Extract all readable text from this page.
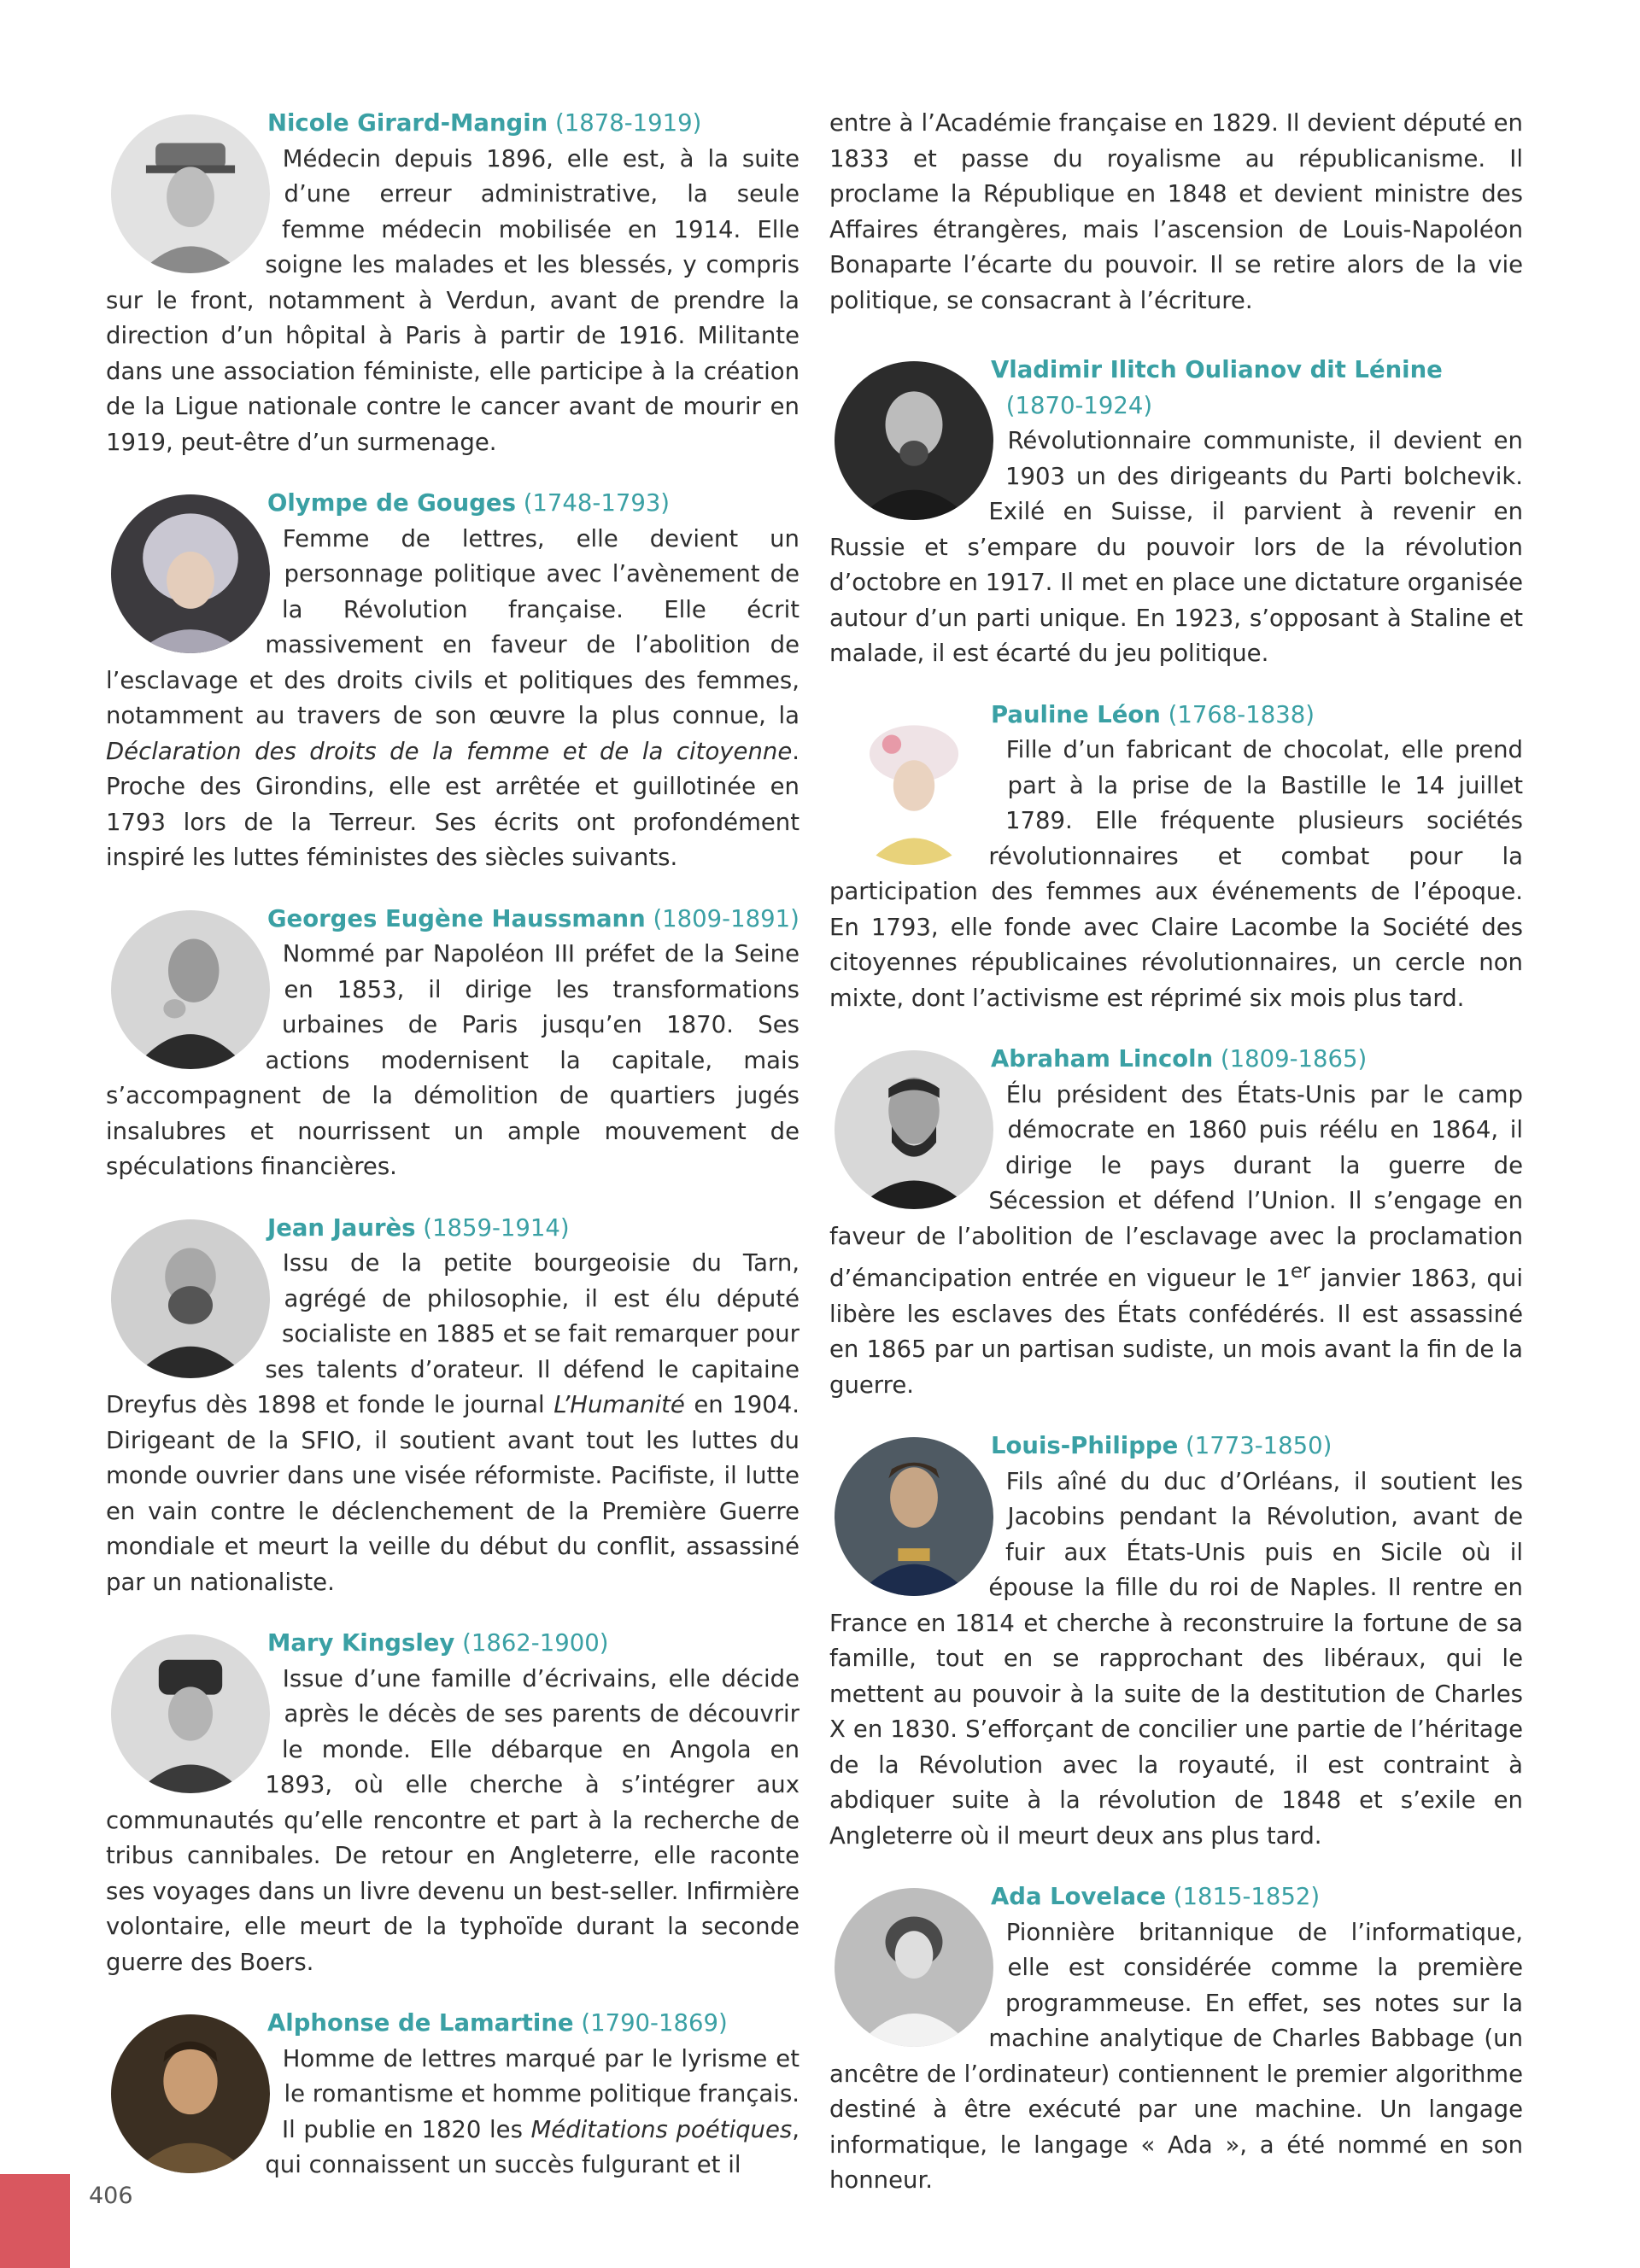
Nicole Girard-Mangin (1878-1919)
Médecin depuis 1896, elle est, à la suite d’une erreur administrative, la seule femme médecin mobilisée en 1914. Elle soigne les malades et les blessés, y compris sur le front, notamment à Verdun, avant de prendre la direction d’un hôpital à Paris à partir de 1916. Militante dans une association féministe, elle participe à la création de la Ligue nationale contre le cancer avant de mourir en 1919, peut-être d’un surmenage.
Olympe de Gouges (1748-1793)
Femme de lettres, elle devient un personnage politique avec l’avènement de la Révolution française. Elle écrit massivement en faveur de l’abolition de l’esclavage et des droits civils et politiques des femmes, notamment au travers de son œuvre la plus connue, la Déclaration des droits de la femme et de la citoyenne. Proche des Girondins, elle est arrêtée et guillotinée en 1793 lors de la Terreur. Ses écrits ont profondément inspiré les luttes féministes des siècles suivants.
Georges Eugène Haussmann (1809-1891)
Nommé par Napoléon III préfet de la Seine en 1853, il dirige les transformations urbaines de Paris jusqu’en 1870. Ses actions modernisent la capitale, mais s’accompagnent de la démolition de quartiers jugés insalubres et nourrissent un ample mouvement de spéculations financières.
Jean Jaurès (1859-1914)
Issu de la petite bourgeoisie du Tarn, agrégé de philosophie, il est élu député socialiste en 1885 et se fait remarquer pour ses talents d’orateur. Il défend le capitaine Dreyfus dès 1898 et fonde le journal L’Humanité en 1904. Dirigeant de la SFIO, il soutient avant tout les luttes du monde ouvrier dans une visée réformiste. Pacifiste, il lutte en vain contre le déclenchement de la Première Guerre mondiale et meurt la veille du début du conflit, assassiné par un nationaliste.
Mary Kingsley (1862-1900)
Issue d’une famille d’écrivains, elle décide après le décès de ses parents de découvrir le monde. Elle débarque en Angola en 1893, où elle cherche à s’intégrer aux communautés qu’elle rencontre et part à la recherche de tribus cannibales. De retour en Angleterre, elle raconte ses voyages dans un livre devenu un best-seller. Infirmière volontaire, elle meurt de la typhoïde durant la seconde guerre des Boers.
Alphonse de Lamartine (1790-1869)
Homme de lettres marqué par le lyrisme et le romantisme et homme politique français. Il publie en 1820 les Méditations poétiques, qui connaissent un succès fulgurant et il
entre à l’Académie française en 1829. Il devient député en 1833 et passe du royalisme au républicanisme. Il proclame la République en 1848 et devient ministre des Affaires étrangères, mais l’ascension de Louis-Napoléon Bonaparte l’écarte du pouvoir. Il se retire alors de la vie politique, se consacrant à l’écriture.
Vladimir Ilitch Oulianov dit Lénine (1870-1924)
Révolutionnaire communiste, il devient en 1903 un des dirigeants du Parti bolchevik. Exilé en Suisse, il parvient à revenir en Russie et s’empare du pouvoir lors de la révolution d’octobre en 1917. Il met en place une dictature organisée autour d’un parti unique. En 1923, s’opposant à Staline et malade, il est écarté du jeu politique.
Pauline Léon (1768-1838)
Fille d’un fabricant de chocolat, elle prend part à la prise de la Bastille le 14 juillet 1789. Elle fréquente plusieurs sociétés révolutionnaires et combat pour la participation des femmes aux événements de l’époque. En 1793, elle fonde avec Claire Lacombe la Société des citoyennes républicaines révolutionnaires, un cercle non mixte, dont l’activisme est réprimé six mois plus tard.
Abraham Lincoln (1809-1865)
Élu président des États-Unis par le camp démocrate en 1860 puis réélu en 1864, il dirige le pays durant la guerre de Sécession et défend l’Union. Il s’engage en faveur de l’abolition de l’esclavage avec la proclamation d’émancipation entrée en vigueur le 1er janvier 1863, qui libère les esclaves des États confédérés. Il est assassiné en 1865 par un partisan sudiste, un mois avant la fin de la guerre.
Louis-Philippe (1773-1850)
Fils aîné du duc d’Orléans, il soutient les Jacobins pendant la Révolution, avant de fuir aux États-Unis puis en Sicile où il épouse la fille du roi de Naples. Il rentre en France en 1814 et cherche à reconstruire la fortune de sa famille, tout en se rapprochant des libéraux, qui le mettent au pouvoir à la suite de la destitution de Charles X en 1830. S’efforçant de concilier une partie de l’héritage de la Révolution avec la royauté, il est contraint à abdiquer suite à la révolution de 1848 et s’exile en Angleterre où il meurt deux ans plus tard.
Ada Lovelace (1815-1852)
Pionnière britannique de l’informatique, elle est considérée comme la première programmeuse. En effet, ses notes sur la machine analytique de Charles Babbage (un ancêtre de l’ordinateur) contiennent le premier algorithme destiné à être exécuté par une machine. Un langage informatique, le langage « Ada », a été nommé en son honneur.
406
